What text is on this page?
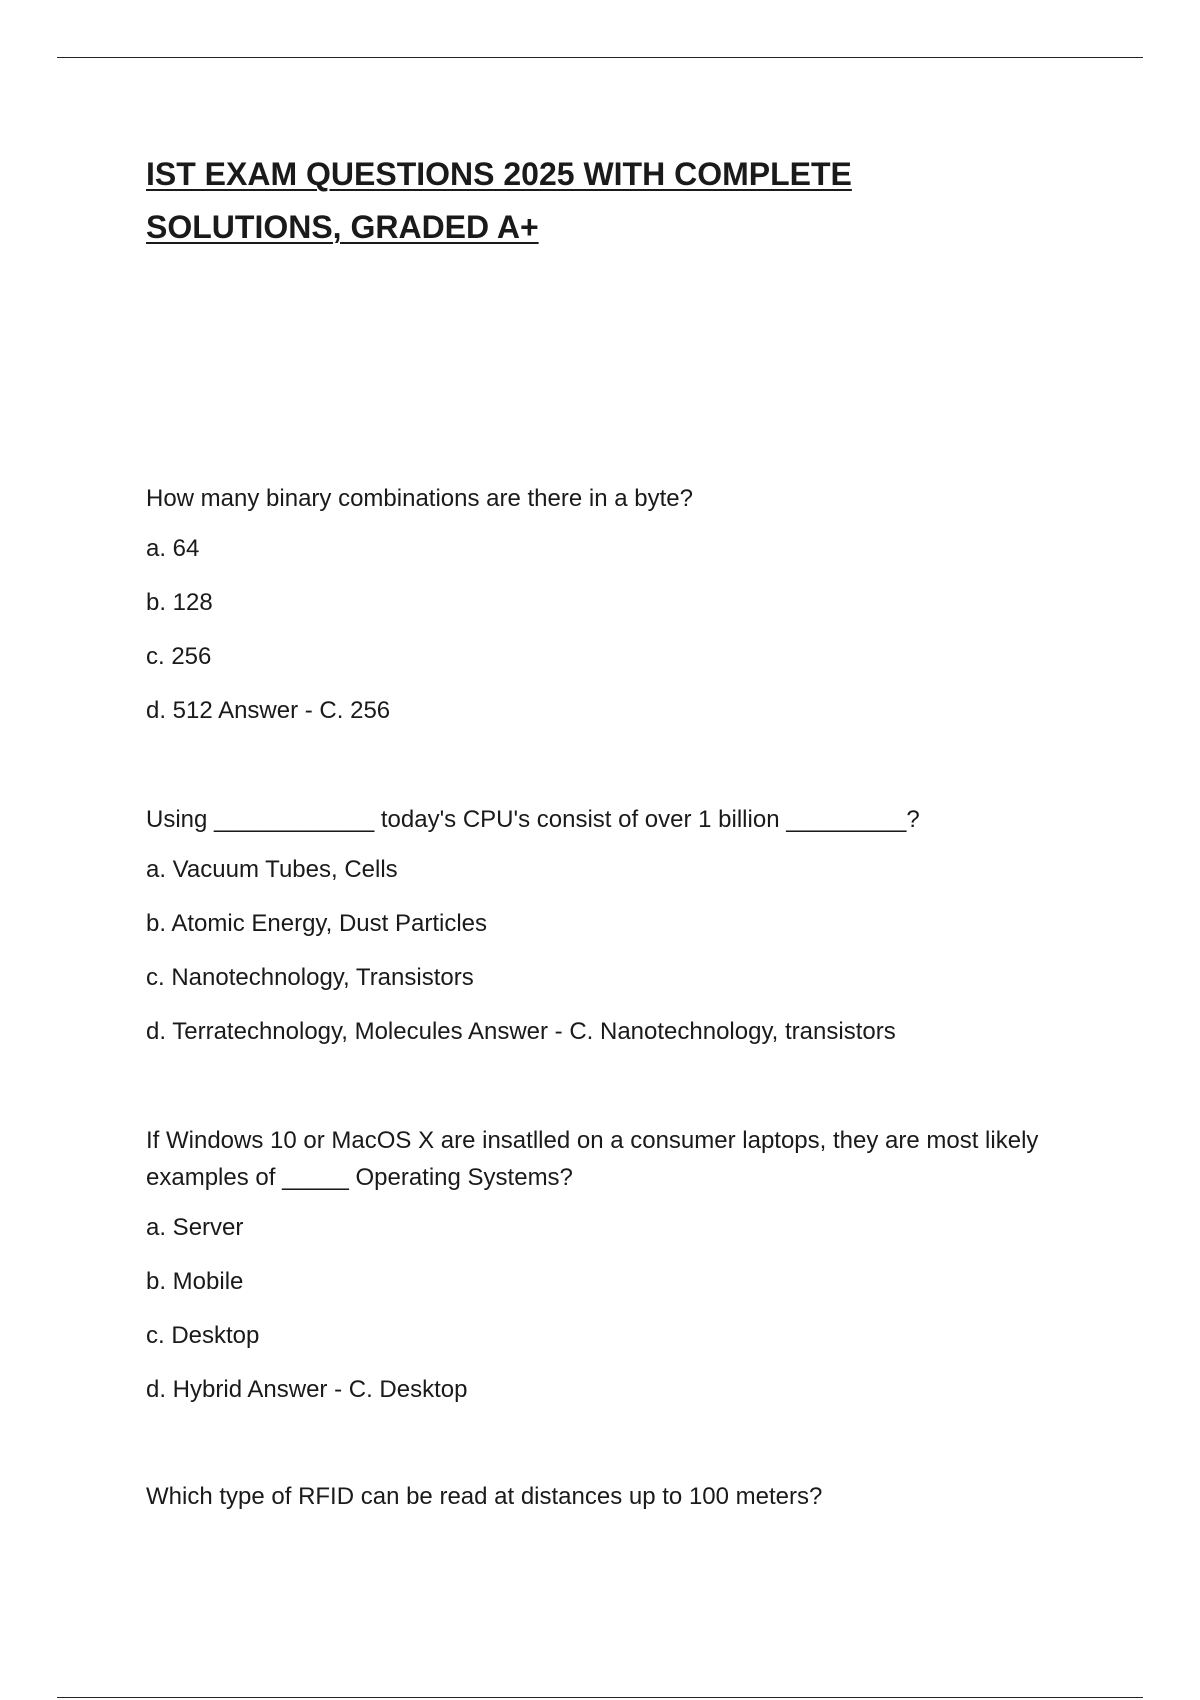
IST EXAM QUESTIONS 2025 WITH COMPLETE
SOLUTIONS, GRADED A+

How many binary combinations are there in a byte?

a. 64

b. 128

c. 256

d. 512 Answer - C. 256

Using ____________ today's CPU's consist of over 1 billion _________?

a. Vacuum Tubes, Cells

b. Atomic Energy, Dust Particles

c. Nanotechnology, Transistors

d. Terratechnology, Molecules Answer - C. Nanotechnology, transistors

If Windows 10 or MacOS X are insatlled on a consumer laptops, they are most likely examples of _____ Operating Systems?

a. Server

b. Mobile

c. Desktop

d. Hybrid Answer - C. Desktop

Which type of RFID can be read at distances up to 100 meters?
